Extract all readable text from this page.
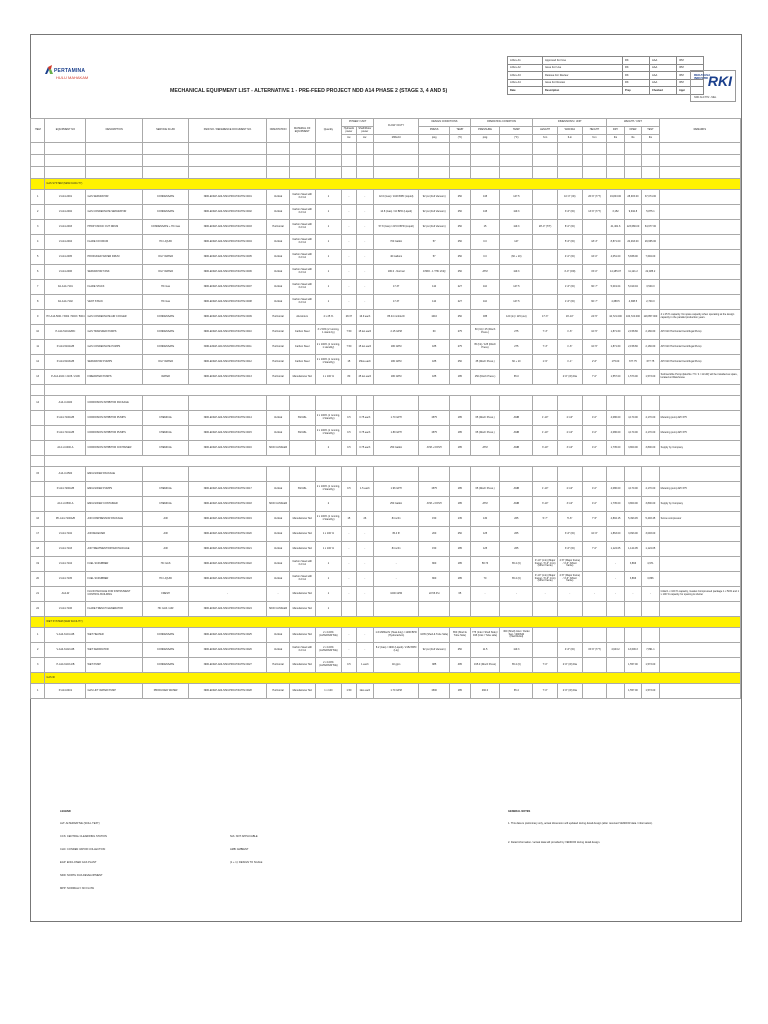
PERTAMINA
HULU MAHAKAM
MECHANICAL EQUIPMENT LIST - ALTERNATIVE 1 - PRE-FEED PROJECT NDD A14 PHASE 2 (STAGE 3, 4 AND 5)
A Rev A1	Approved For Use	RK	AAA	IPM
A Rev A2	Issue For Use	RK	AAA	IPM
A Rev A3	Reissue For Review	RK	AAA	IPM
A Rev A4	Issue For Review	RK	AAA	IPM
Date	Description	Prep	Checked	Appr
REKAYASA
INDUSTRI RKI
NDD A14 PH2 - MEL
ITEM	EQUIPMENT NO	DESCRIPTION	SERVICE FLUID	P&ID NO / REFERENCE DOCUMENT NO.	ORIENTATION	MATERIAL OF EQUIPMENT	Quantity	POWER / UNIT		FLOW / DUTY	DESIGN CONDITIONS		OPERATING CONDITION		DIMENSIONS / UNIT			WEIGHT / UNIT			REMARKS
								Hydraulic power	Shaft/Motor power		PRESS	TEMP	PRESSURE	TEMP	LENGTH	W/ID/DIA	HEIGHT	DRY	OPER	TEST	
								kw	kw	MMscfd	psig	(°F)	psig	(°F)	ft-in	ft-in	ft-in	lbs	lbs	lbs	

	GAS SYSTEM (NEW FACILITY)																				
1	V-A14-2001	GAS SEPARATOR	CONDENSATE	NDD-ENGP-A04-NSN-PRO-PID-PH2-0001	Vertical	Carbon Steel with 3.2 CA	1	-	-	42.6 (Gas) / 1049 BPD (Liquid)	92 psi (Full Vacuum)	250	415	147.5		10'-0" (ID)	26'-6" (T/T)	19,843.00	28,915.00	37,074.00	
2	V-A14-2002	GAS CONDENSATE SEPARATOR	CONDENSATE	NDD-ENGP-A04-NSN-PRO-PID-PH2-0002	Vertical	Carbon Steel with 3.2 CA	1	-	-	14.8 (Gas) / 10 BPD (Liquid)	92 psi (Full Vacuum)	250	415	119.3		3'-6" (ID)	13'-6" (T/T)	3,152	9,942.8	5,875.1	
3	V-A14-2003	HHDP KNOCK OUT DRUM	CONDENSATE + HC Gas	NDD-ENGP-A04-NSN-PRO-PID-PH2-0003	Horizontal	Carbon Steel with 3.2 CA	1	-	-	57.8 (Gas) / 215.6 BPD (Liquid)	92 psi (Full Vacuum)	250	15	119.3	28'-0" (T/T)	8'-0" (ID)		41,461.6	123,680.00	64,677.00	
4	V-A14-2004	FLARE KO DRUM	HC LIQUID	NDD-ENGP-A04-NSN-PRO-PID-PH2-0004	Vertical	Carbon Steel with 3.2 CA	1	-	-	700 Gallon	57	250	0.0	147		5'-6" (ID)	18'-3"	8,871.00	20,463.00	29,665.00	
5	V-A14-2005	PRODUCED WATER DRUM	OILY WATER	NDD-ENGP-A04-NSN-PRO-PID-PH2-0005	Vertical	Carbon Steel with 3.2 CA	1	-	-	40 Gallons	57	250	0.0	(60 + 10)		4'-0" (ID)	16'-0"	4,051.00	5,838.00	7,694.00	
6	V-A14-2006	SEPARATOR TANK	OILY WATER	NDD-ENGP-A04-NSN-PRO-PID-PH2-0006	Vertical	Carbon Steel with 3.2 CA	1	-	-	180.0 - Normal	ATMO - 1 THC 2/4Q	250	ATM	119.3		4'-0" (OD)	15'-0"	14,185.07	11,121.2	22,485.2	
7	FA-A14-7101	FLARE STACK	HC Gas	NDD-ENGP-A04-NSN-PRO-PID-PH2-0007	Vertical	Carbon Steel with 3.2 CA	1	-	-	17.37	110	227	110	147.5		1'-6" (ID)	60'-7"	5,019.04	5,019.04	3,540.0	
8	FA-A14-7102	VENT STACK	HC Gas	NDD-ENGP-A04-NSN-PRO-PID-PH2-0008	Vertical	Carbon Steel with 3.2 CA	1	-	-	17.37	110	227	110	147.5		1'-6" (ID)	60'-7"	4,388.5	4,388.5	2,700.0	
9	HX-A14-5001 / 5002 / 5003 / 5004	GAS CONDENSATE AIR COOLER	CONDENSATE	NDD-ENGP-A04-NSN-PRO-PID-PH2-0009	Horizontal	Aluminium	4 x 25 %	28.37	16.9 each	85.44 mmbtu/hr	1016	250	935	120 (in) / 115 (out)	17'-3"	16'-10"	24'-5"	44,721.000	100,724.000	119,857.000	4 x 25 % capacity. No spare capacity when operating at the design capacity in the parallel production years.
10	P-A14-5101A/B/C	GAS TRANSFER PUMPS	CONDENSATE	NDD-ENGP-A04-NSN-PRO-PID-PH2-0010	Horizontal	Carbon Steel	3 x 50% (2 running, 1 stand-by)	7.50	15 kw each	2.15 GPM	60	275	60 (Inl) / 25 (Disch Press.)	275	7'-3"	1'-6"	10'-5"	1,871.60	2,158.66	2,166.60	API 610 Horizontal Centrifugal Pump
11	P-A14-5102A/B	GAS CONDENSATE PUMPS	CONDENSATE	NDD-ENGP-A04-NSN-PRO-PID-PH2-0011	Horizontal	Carbon Steel	2 x 100% (1 running, 1 standby)	7.50	15 kw each	180 GPM	185	275	35 (Inl) / 125 (Disch Press)	275	7'-3"	1'-6"	10'-5"	1,871.60	2,158.66	2,166.60	API 610 Horizontal Centrifugal Pump
12	P-A14-5103A/B	SEPARATOR PUMPS	OILY WATER	NDD-ENGP-A04-NSN-PRO-PID-PH2-0012	Horizontal	Carbon Steel	2 x 100% (1 running, 1 Standby)	15	15kw each	180 GPM	185	250	35 (Disch Press.)	60 + 10	1'-9"	1'-1"	2'-6"	175.00	677.75	677.75	API 610 Horizontal Centrifugal Pump
13	P-A14-2104 / 2105 / 2106	FIREWATER PUMPS	WATER	NDD-ENGP-A04-NSN-PRO-PID-PH2-0013	Horizontal	Manufacturer Std	1 x 100 %	80	45 kw each	180 GPM	185	185	150 (Disch Press.)	65.0		2'-6" (W) Dia	7'-0"	1,557.00	1,573.00	1,573.00	Submersible Pump (Elecfire 7.5 / 4 / 11 kW) will be installed as spare, located at Warehouse

14	A14-U-0400	CORROSION INHIBITOR PACKAGE																			
	P-A14-7100A/B	CORROSION INHIBITOR PUMPS	CHEMICAL	NDD-ENGP-A04-NSN-PRO-PID-PH2-0014	Vertical	SS316L	2 x 100% (1 running, 1 Standby)	0.5	0.75 each	1.70 GPH	1575	185	65 (Disch Press.)	AMB	1'-10"	2'-10"	4'-0"	4,086.00	4,170.00	4,170.00	Metering pump API 675
	P-A14-7101A/B	CORROSION INHIBITOR PUMPS	CHEMICAL	NDD-ENGP-A04-NSN-PRO-PID-PH2-0015	Vertical	SS316L	2 x 100% (1 running, 1 Standby)	0.5	0.75 each	1.89 GPH	1575	185	65 (Disch Press.)	AMB	1'-10"	2'-10"	4'-0"	4,086.00	4,170.00	4,170.00	Metering pump API 675
	A14-U-0400-A	CORROSION INHIBITOR CONTAINER	CHEMICAL	NDD-ENGP-A04-NSN-PRO-PID-PH2-0016	SKID CASSLER		2	0.5	0.75 each	250 Gallon	ATM + FOSH	185	ATM	AMB	3'-10"	3'-10"	4'-0"	1,735.00	3,800.00	3,800.00	Supply by Company

15	A14-U-0500	EMULSIFIER PACKAGE																			
	P-A14-7200A/B	EMULSIFIER PUMPS	CHEMICAL	NDD-ENGP-A04-NSN-PRO-PID-PH2-0017	Vertical	SS316L	2 x 100% (1 running, 1 Standby)	0.5	1.5 each	1.96 GPH	1575	185	65 (Disch Press.)	AMB	1'-10"	2'-10"	4'-0"	4,086.00	4,170.00	4,170.00	Metering pump API 675
	A14-U-0500-A	EMULSIFIER CONTAINER	CHEMICAL	NDD-ENGP-A04-NSN-PRO-PID-PH2-0018	SKID CASSLER		2			250 Gallon	ATM + FOSH	185	ATM	AMB	3'-10"	3'-10"	4'-0"	1,735.00	3,800.00	3,800.00	Supply by Company
16	PK-A14-7100A/B	AIR COMPRESSOR PACKAGE	AIR	NDD-ENGP-A04-NSN-PRO-PID-PH2-0019	Vertical	Manufacturer Std	2 x 100% (1 running, 1 Standby)	15	26	84 scfm	150	135	130	265	5'-7"	5'-6"	7'-5"	4,894.15	5,493.45	5,493.45	Screw compressor
17	V-A14-7102	AIR RECEIVER	AIR	NDD-ENGP-A04-NSN-PRO-PID-PH2-0020	Vertical	Manufacturer Std	1 x 100 %	-	-	35.4 ft³	200	250	125	265		3'-6" (ID)	10'-6"	1,863.00	3,093.00	3,093.00	
18	V-A14-7103	AIR TREATMENT/DRYER PACKAGE	AIR	NDD-ENGP-A04-NSN-PRO-PID-PH2-0021	Vertical	Manufacturer Std	1 x 100 %	-	-	84 scfm	150	185	125	265		3'-6" (ID)	7'-0"	1,124.05	1,124.05	1,124.05	
19	V-A14-7104	FUEL SCRUBBER	HC GAS	NDD-ENGP-A04-NSN-PRO-PID-PH2-0022	Vertical	Carbon Steel with 3.2 CA	1	-	-	-	800	185	58.73	65.4 (0)	0'-10" (min) (Major frame) / 6'-6" (min) (Minor frame)	4'-8" (Major frame) / 4'-6" (Minor frame)		-	3,866	4,971	
20	V-A14-7105	FUEL SCRUBBER	HC LIQUID	NDD-ENGP-A04-NSN-PRO-PID-PH2-0023	Vertical	Carbon Steel with 3.2 CA	1	-	-	-	800	185	70	65.4 (0)	0'-10" (min) (Major frame) / 6'-6" (min) (Minor frame)	4'-8" (Major frame) / 4'-6" (Minor frame)		-	3,866	3,866	
21	A14-W	FLUID PACKAGE FOR INSTRUMENT CONTROL BUILDING	FRESH	-	-	Manufacturer Std	1	-	-	1000 GPM	22.56 Psi	65	-	-	-	-	-	-	-	-	Initial 1 x 100 % capacity, Gasket Compressed package 1 x 50% and 1 x 100 % capacity for spacing & shelter
22	V-A14-7106	FLARE TRENCH GENERATOR	HC GAS / AIR	NDD-ENGP-A04-NSN-PRO-PID-PH2-0024	SKID CASSLER	Manufacturer Std	1														
	WET SYSTEM (NEW FACILITY)																				
1	V-A14-6101 A/B	WET HEATER	CONDENSATE	NDD-ENGP-A04-NSN-PRO-PID-PH2-0025	Vertical	Manufacturer Std	2 x 100% (ALTERNATIVE)	-	-	1.6 MMbtu/hr (Heat duty) / 1296 BPD (Hydrocarbon)	1035 (Shell & Tube Side)	650 (Shell & Tube Side)	775 (Inlet / Shell Side) / 915 (Inlet / Tube side)	300 (Shell) Inlet / Outlet Sep / 460/640 (Inlet/Outlet)							
2	V-A14-6102 A/B	WET SEPARATOR	CONDENSATE	NDD-ENGP-A04-NSN-PRO-PID-PH2-0026	Vertical	Carbon Steel with 3.2 CA	2 x 100% (ALTERNATIVE)	-	-	8.2 (Gas) / 1900 (Liquid) / 2152 BPD (Liq)	92 psi (Full Vacuum)	250	11.5	119.3		4'-6" (ID)	15'-6" (T/T)	4,643.2	13,606.3	7,891.1	
3	P-A14-6103 A/B	WET PUMP	CONDENSATE	NDD-ENGP-A04-NSN-PRO-PID-PH2-0027	Horizontal	Manufacturer Std	2 x 100% (ALTERNATIVE)	0.5	1 each	40 gpm	985	495	195.0 (Disch Press)	65.4 (0)	7'-0"	2'-6" (W) Dia			1,557.00	1,573.00	
	GAS lift																				
1	P-A14-6401	GAS LIFT WATER PUMP	PRODUCED WATER	NDD-ENGP-A04-NSN-PRO-PID-PH2-0028	Horizontal	Manufacturer Std	1 x 100	1.50	1kw each	1.70 GPM	1500	185	460.0	65.4	7'-0"	2'-6" (W) Dia			1,557.00	1,573.00	
LEGEND
ALT: ALTERNATIVE (SKILL TEXT)
CCS: CENTRAL CLEARWING STATION	N/A: NOT APPLICABLE
CHC: CONDEN VAPOR COLLECTION	AMB: AMBIENT
EGP: ENCLOSED GAS PLANT	(1 + 1): DESIGN TO SCALE
NDD: NORTH DUA DEVELOPMENT
MPP: NORMALLY NO FLOW
GENERAL NOTES
1. This data is preliminary only, actual dimension will updated during detail design (after received VENDOR data / information).
2. Detail information / actual data will provided by VENDOR during detail design.
